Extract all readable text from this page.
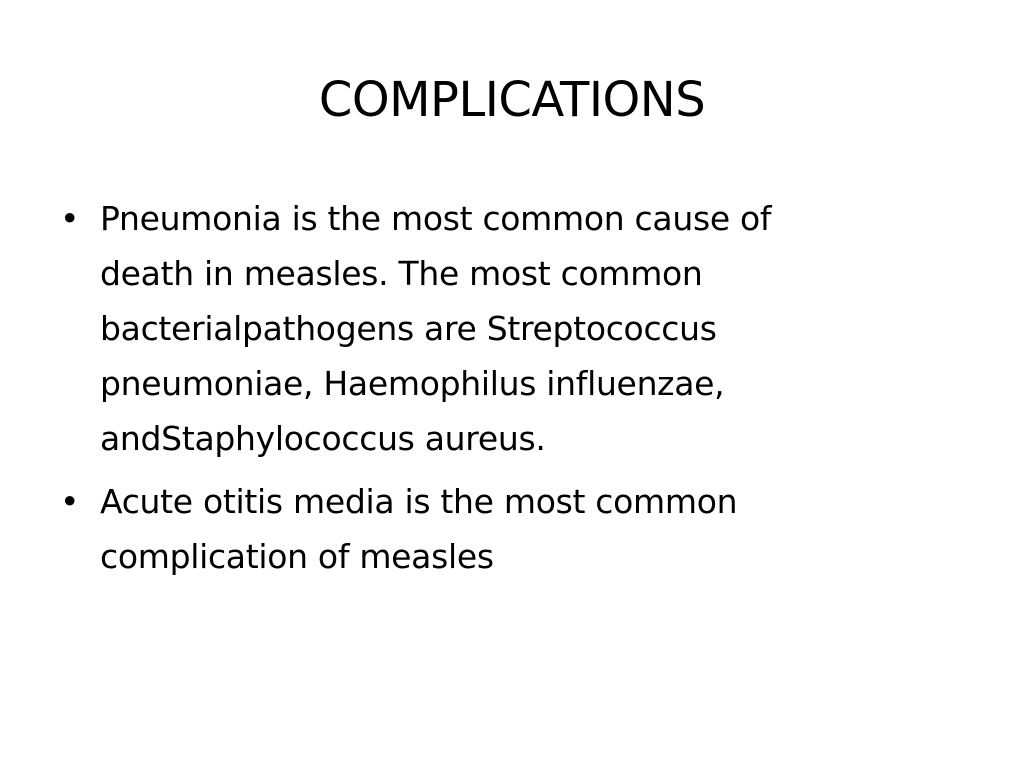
COMPLICATIONS
• Pneumonia is the most common cause of
death in measles. The most common
bacterialpathogens are Streptococcus
pneumoniae, Haemophilus influenzae,
andStaphylococcus aureus.
• Acute otitis media is the most common
complication of measles
